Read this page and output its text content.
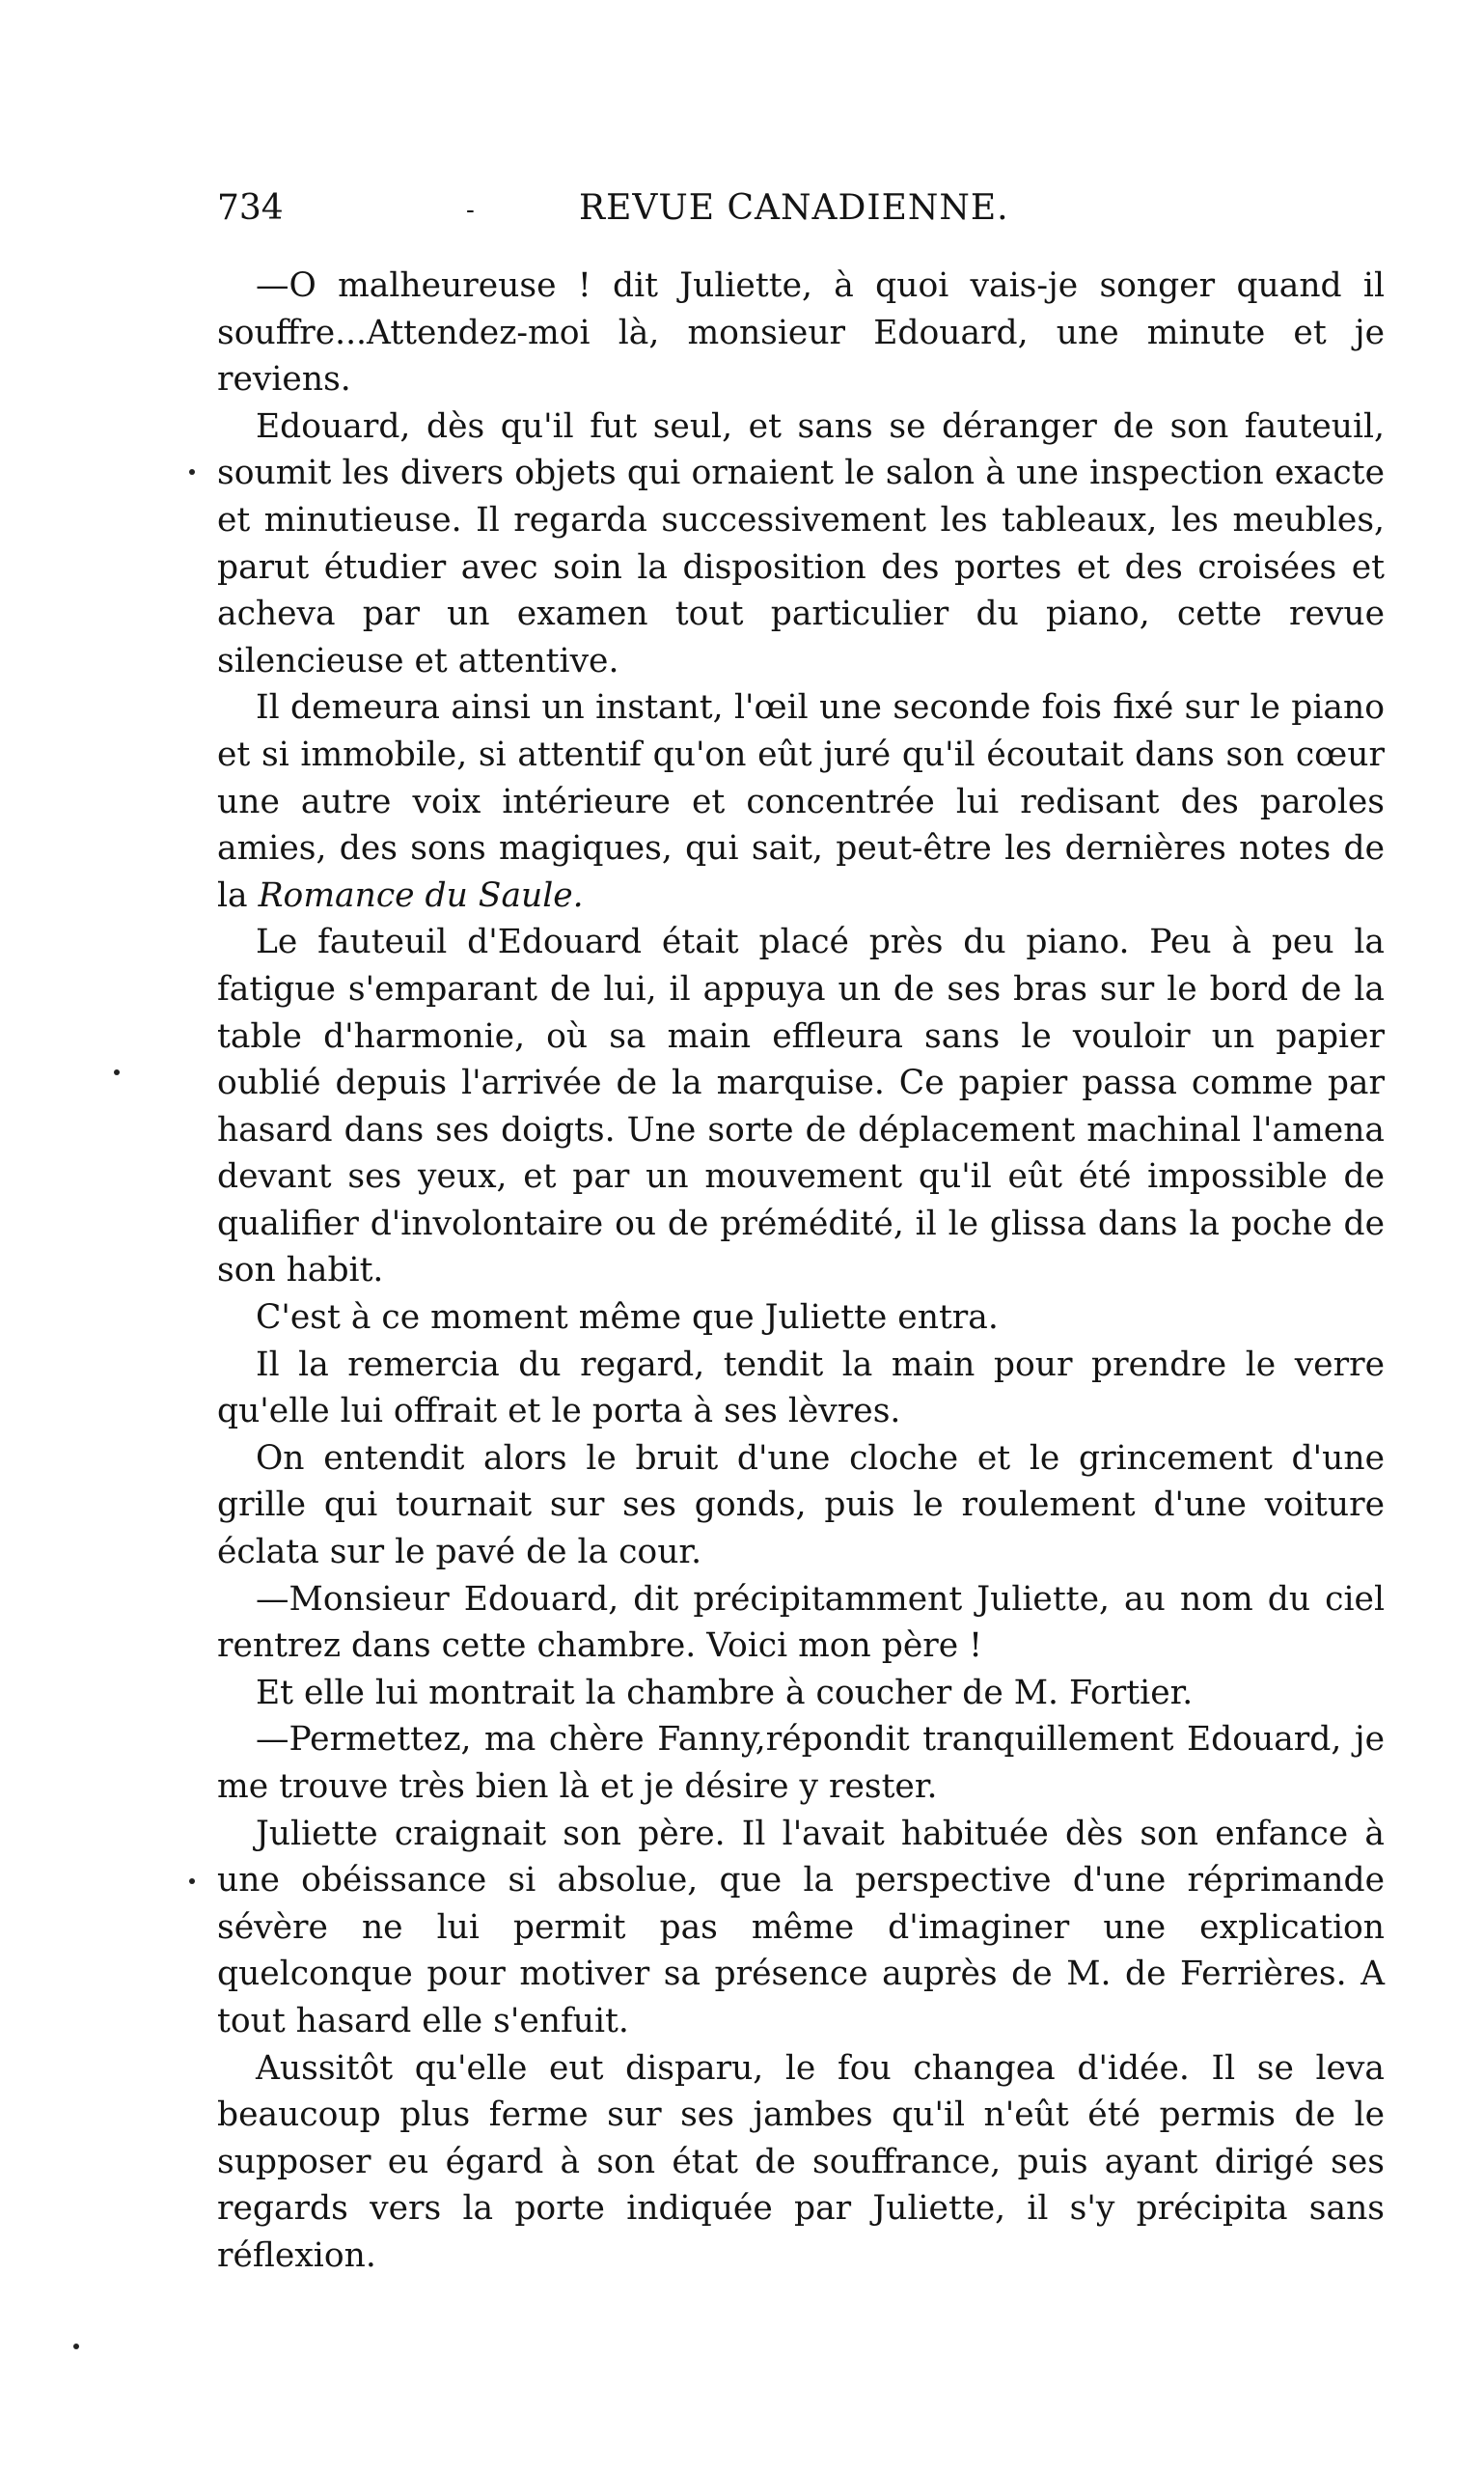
734	-	REVUE CANADIENNE.

—O malheureuse ! dit Juliette, à quoi vais-je songer quand il souffre...Attendez-moi là, monsieur Edouard, une minute et je reviens.

Edouard, dès qu'il fut seul, et sans se déranger de son fauteuil, soumit les divers objets qui ornaient le salon à une inspection exacte et minutieuse. Il regarda successivement les tableaux, les meubles, parut étudier avec soin la disposition des portes et des croisées et acheva par un examen tout particulier du piano, cette revue silencieuse et attentive.

Il demeura ainsi un instant, l'œil une seconde fois fixé sur le piano et si immobile, si attentif qu'on eût juré qu'il écoutait dans son cœur une autre voix intérieure et concentrée lui redisant des paroles amies, des sons magiques, qui sait, peut-être les dernières notes de la Romance du Saule.

Le fauteuil d'Edouard était placé près du piano. Peu à peu la fatigue s'emparant de lui, il appuya un de ses bras sur le bord de la table d'harmonie, où sa main effleura sans le vouloir un papier oublié depuis l'arrivée de la marquise. Ce papier passa comme par hasard dans ses doigts. Une sorte de déplacement machinal l'amena devant ses yeux, et par un mouvement qu'il eût été impossible de qualifier d'involontaire ou de prémédité, il le glissa dans la poche de son habit.

C'est à ce moment même que Juliette entra.

Il la remercia du regard, tendit la main pour prendre le verre qu'elle lui offrait et le porta à ses lèvres.

On entendit alors le bruit d'une cloche et le grincement d'une grille qui tournait sur ses gonds, puis le roulement d'une voiture éclata sur le pavé de la cour.

—Monsieur Edouard, dit précipitamment Juliette, au nom du ciel rentrez dans cette chambre. Voici mon père !

Et elle lui montrait la chambre à coucher de M. Fortier.

—Permettez, ma chère Fanny,répondit tranquillement Edouard, je me trouve très bien là et je désire y rester.

Juliette craignait son père. Il l'avait habituée dès son enfance à une obéissance si absolue, que la perspective d'une réprimande sévère ne lui permit pas même d'imaginer une explication quelconque pour motiver sa présence auprès de M. de Ferrières. A tout hasard elle s'enfuit.

Aussitôt qu'elle eut disparu, le fou changea d'idée. Il se leva beaucoup plus ferme sur ses jambes qu'il n'eût été permis de le supposer eu égard à son état de souffrance, puis ayant dirigé ses regards vers la porte indiquée par Juliette, il s'y précipita sans réflexion.
